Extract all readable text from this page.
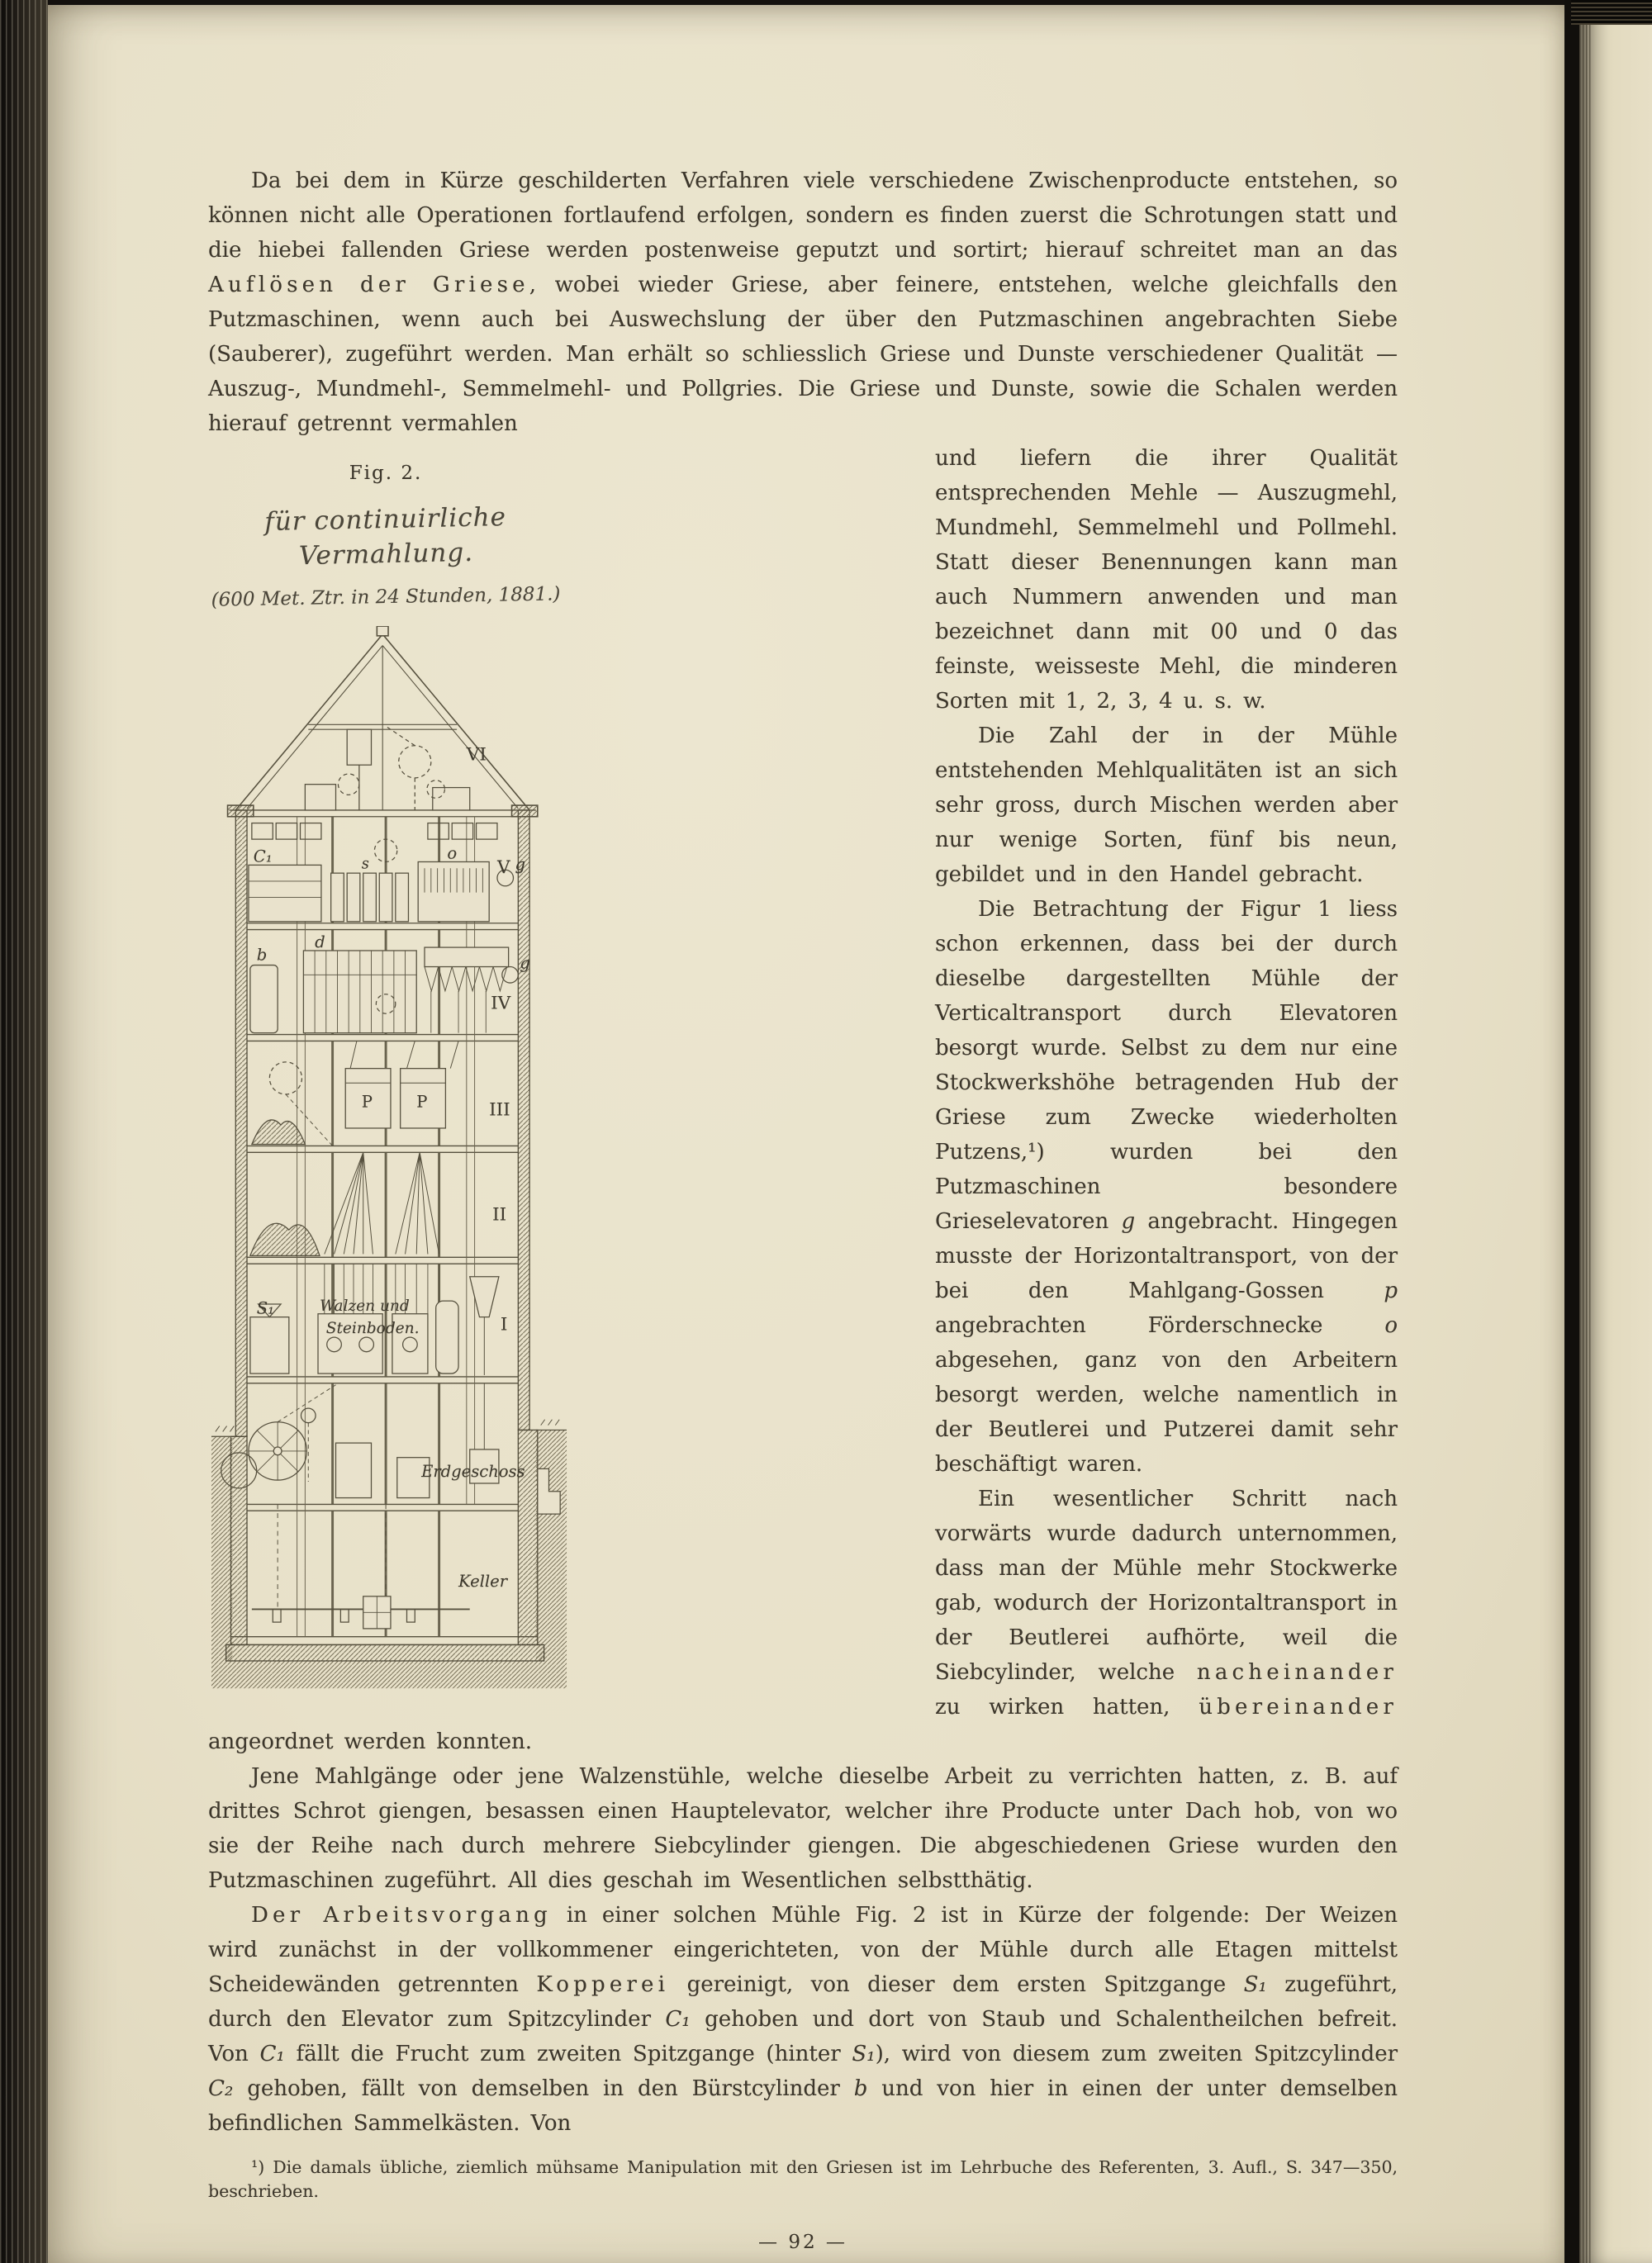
Da bei dem in Kürze geschilderten Verfahren viele verschiedene Zwischenproducte entstehen, so können nicht alle Operationen fortlaufend erfolgen, sondern es finden zuerst die Schrotungen statt und die hiebei fallenden Griese werden postenweise geputzt und sortirt; hierauf schreitet man an das Auflösen der Griese, wobei wieder Griese, aber feinere, entstehen, welche gleichfalls den Putzmaschinen, wenn auch bei Auswechslung der über den Putzmaschinen angebrachten Siebe (Sauberer), zugeführt werden. Man erhält so schliesslich Griese und Dunste verschiedener Qualität — Auszug-, Mundmehl-, Semmelmehl- und Pollgries. Die Griese und Dunste, sowie die Schalen werden hierauf getrennt vermahlen

Fig. 2.
für continuirliche Vermahlung.
(600 Met. Ztr. in 24 Stunden, 1881.)
VI
V
IV
III
II
I
Erdgeschoss
Keller
Walzen und
Steinboden.
C₁	s
o
g
g
b
d
P	P
S₁

und liefern die ihrer Qualität entsprechenden Mehle — Auszugmehl, Mundmehl, Semmelmehl und Pollmehl. Statt dieser Benennungen kann man auch Nummern anwenden und man bezeichnet dann mit 00 und 0 das feinste, weisseste Mehl, die minderen Sorten mit 1, 2, 3, 4 u. s. w.

Die Zahl der in der Mühle entstehenden Mehlqualitäten ist an sich sehr gross, durch Mischen werden aber nur wenige Sorten, fünf bis neun, gebildet und in den Handel gebracht.

Die Betrachtung der Figur 1 liess schon erkennen, dass bei der durch dieselbe dargestellten Mühle der Verticaltransport durch Elevatoren besorgt wurde. Selbst zu dem nur eine Stockwerkshöhe betragenden Hub der Griese zum Zwecke wiederholten Putzens,¹) wurden bei den Putzmaschinen besondere Grieselevatoren g angebracht. Hingegen musste der Horizontaltransport, von der bei den Mahlgang-Gossen p angebrachten Förderschnecke o abgesehen, ganz von den Arbeitern besorgt werden, welche namentlich in der Beutlerei und Putzerei damit sehr beschäftigt waren.

Ein wesentlicher Schritt nach vorwärts wurde dadurch unternommen, dass man der Mühle mehr Stockwerke gab, wodurch der Horizontaltransport in der Beutlerei aufhörte, weil die Siebcylinder, welche nacheinander zu wirken hatten, übereinander angeordnet werden konnten.

Jene Mahlgänge oder jene Walzenstühle, welche dieselbe Arbeit zu verrichten hatten, z. B. auf drittes Schrot giengen, besassen einen Hauptelevator, welcher ihre Producte unter Dach hob, von wo sie der Reihe nach durch mehrere Siebcylinder giengen. Die abgeschiedenen Griese wurden den Putzmaschinen zugeführt. All dies geschah im Wesentlichen selbstthätig.

Der Arbeitsvorgang in einer solchen Mühle Fig. 2 ist in Kürze der folgende: Der Weizen wird zunächst in der vollkommener eingerichteten, von der Mühle durch alle Etagen mittelst Scheidewänden getrennten Kopperei gereinigt, von dieser dem ersten Spitzgange S₁ zugeführt, durch den Elevator zum Spitzcylinder C₁ gehoben und dort von Staub und Schalentheilchen befreit. Von C₁ fällt die Frucht zum zweiten Spitzgange (hinter S₁), wird von diesem zum zweiten Spitzcylinder C₂ gehoben, fällt von demselben in den Bürstcylinder b und von hier in einen der unter demselben befindlichen Sammelkästen. Von

¹) Die damals übliche, ziemlich mühsame Manipulation mit den Griesen ist im Lehrbuche des Referenten, 3. Aufl., S. 347—350, beschrieben.
— 92 —
